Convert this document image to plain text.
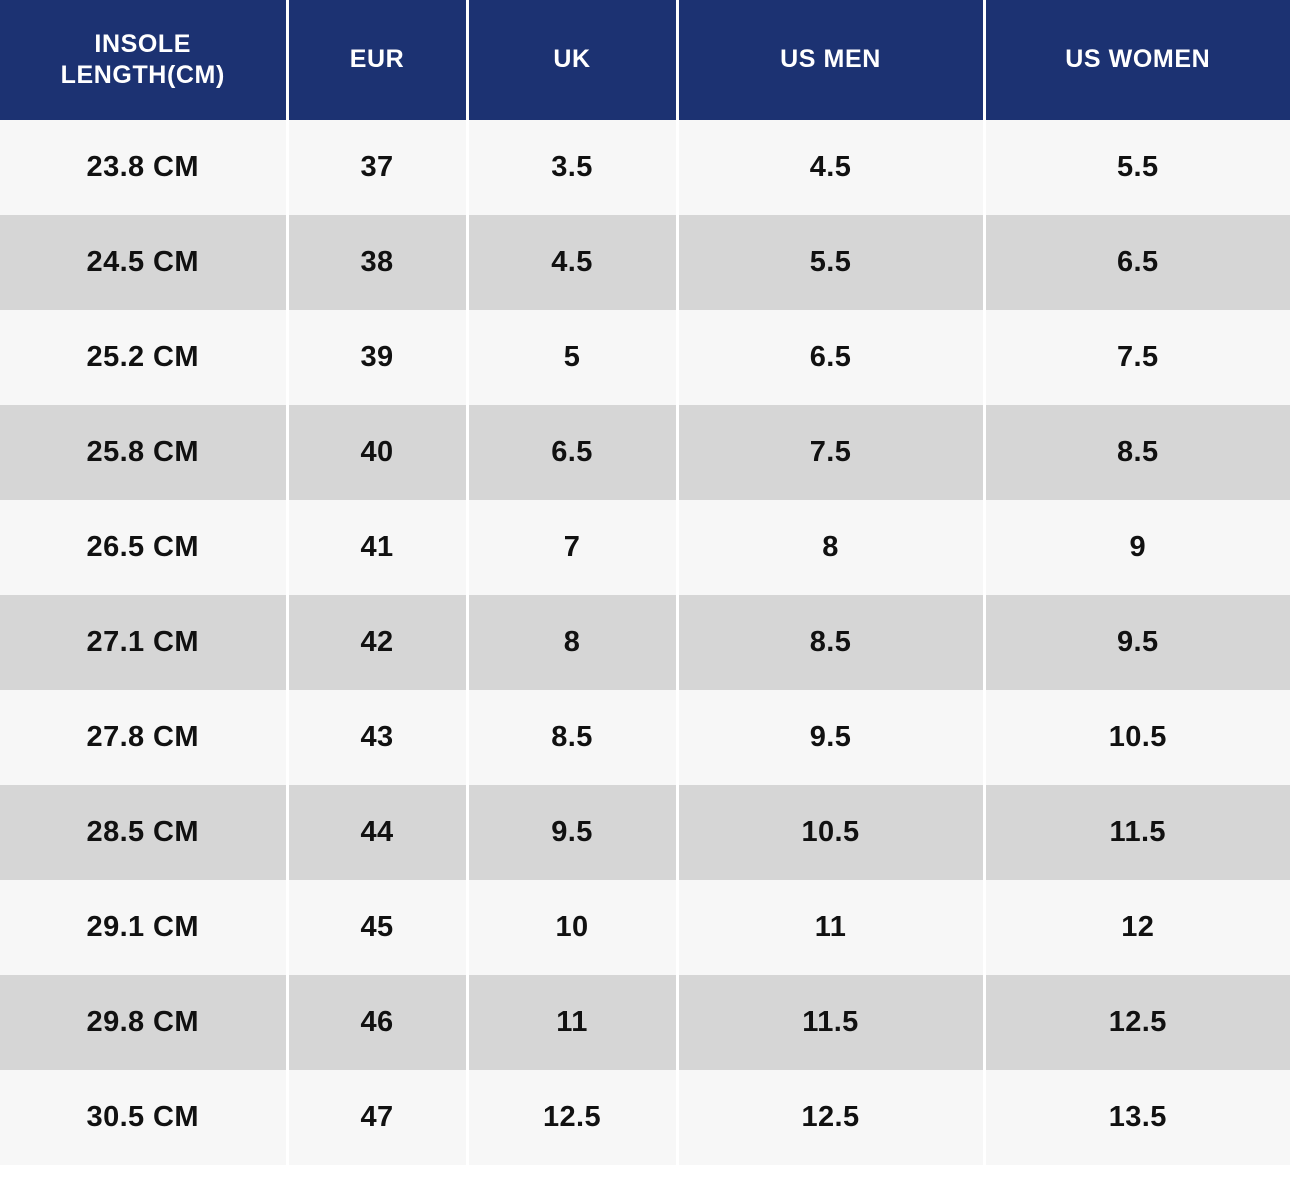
INSOLE
LENGTH(CM)	EUR	UK	US MEN	US WOMEN
23.8 CM	37	3.5	4.5	5.5
24.5 CM	38	4.5	5.5	6.5
25.2 CM	39	5	6.5	7.5
25.8 CM	40	6.5	7.5	8.5
26.5 CM	41	7	8	9
27.1 CM	42	8	8.5	9.5
27.8 CM	43	8.5	9.5	10.5
28.5 CM	44	9.5	10.5	11.5
29.1 CM	45	10	11	12
29.8 CM	46	11	11.5	12.5
30.5 CM	47	12.5	12.5	13.5
